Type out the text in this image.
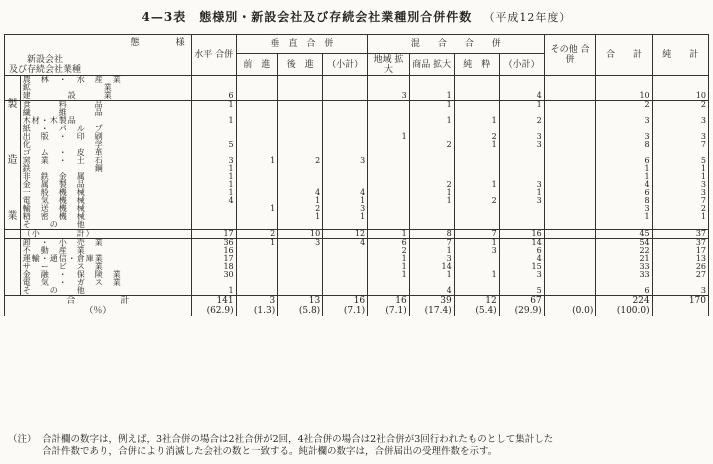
4—3表　態様別・新設会社及び存続会社業種別合併件数 （平成12年度）
態　　　　様
新設会社
及び存続会社業種		水平 合併	垂　直　合　併			混　　合　　合　　併				その他 合　併	合　　計	純　　計
			前　進	後　進	（小計）	地域 拡大	商品 拡大	純　粋	（小計）			
	農　林　・　水　産　業											
	鉱　　　　　　　　業											
	建　　　　設　　　業	6				3	1		4		10	10
製	食　　　料　　　品	1					1		1		2	2
	繊　　　維　　　品											
	木材・木製品	1					1	1	2		3	3
	紙　・　パ　ル　プ											
	出　版　・　印　刷					1		2	3		3	3
	化　　　　　　　学	5					2	1	3		8	7
	ゴ　ム　・　皮　革											
造	窯　業　・　土　石	3	1	2	3						6	5
	鉄　　　　　　　鋼	1									1	1
	非　鉄　金　属	1									1	1
	金　属　製　品	1					2	1	3		4	3
	一　般　機　械	1		4	4		1		1		6	3
	電　気　機　械	4		1	1		1	2	3		8	7
	輸　送　機　械		1	2	3						3	2
業	精　密　機　械			1	1						1	1
	そ　　の　　他											
	（小　　　　計）	17	2	10	12	1	8	7	16		45	37
	卸　・　小　売　業	36	1	3	4	6	7	1	14		54	37
	不　動　産　業	16				2	1	3	6		22	17
	運輸・通信・倉庫業	17				1	3		4		21	13
	サ　ー　ビ　ス　業	18				1	14		15		33	26
	金　融　・　保　険　業	30				1	1	1	3		33	27
	電　気　・　ガ　ス　業											
	そ　　の　　他	1					4		5		6	3
合　　　　　計		141	3	13	16	16	39	12	67		224	170
（％）		(62.9)	(1.3)	(5.8)	(7.1)	(7.1)	(17.4)	(5.4)	(29.9)	(0.0)	(100.0)	
（注） 合計欄の数字は，例えば，3社合併の場合は2社合併が2回，4社合併の場合は2社合併が3回行われたものとして集計した
合計件数であり，合併により消滅した会社の数と一致する。純計欄の数字は，合併届出の受理件数を示す。
